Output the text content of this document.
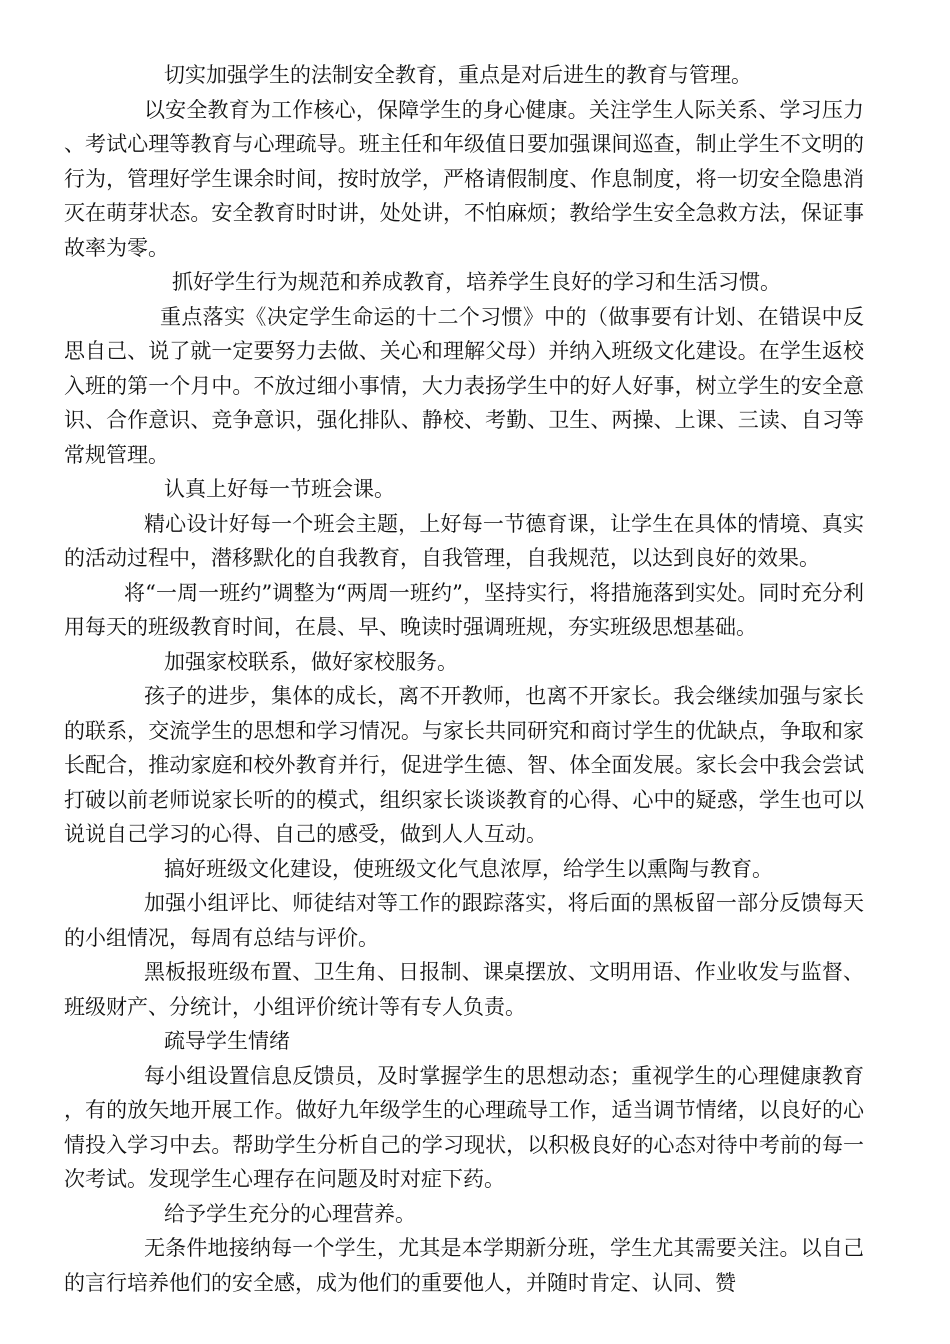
切实加强学生的法制安全教育，重点是对后进生的教育与管理。

以安全教育为工作核心，保障学生的身心健康。关注学生人际关系、学习压力、考试心理等教育与心理疏导。班主任和年级值日要加强课间巡查，制止学生不文明的行为，管理好学生课余时间，按时放学，严格请假制度、作息制度，将一切安全隐患消灭在萌芽状态。安全教育时时讲，处处讲，不怕麻烦；教给学生安全急救方法，保证事故率为零。

抓好学生行为规范和养成教育，培养学生良好的学习和生活习惯。

重点落实《决定学生命运的十二个习惯》中的（做事要有计划、在错误中反思自己、说了就一定要努力去做、关心和理解父母）并纳入班级文化建设。在学生返校入班的第一个月中。不放过细小事情，大力表扬学生中的好人好事，树立学生的安全意识、合作意识、竞争意识，强化排队、静校、考勤、卫生、两操、上课、三读、自习等常规管理。

认真上好每一节班会课。

精心设计好每一个班会主题，上好每一节德育课，让学生在具体的情境、真实的活动过程中，潜移默化的自我教育，自我管理，自我规范，以达到良好的效果。

将“一周一班约”调整为“两周一班约”，坚持实行，将措施落到实处。同时充分利用每天的班级教育时间，在晨、早、晚读时强调班规，夯实班级思想基础。

加强家校联系，做好家校服务。

孩子的进步，集体的成长，离不开教师，也离不开家长。我会继续加强与家长的联系，交流学生的思想和学习情况。与家长共同研究和商讨学生的优缺点，争取和家长配合，推动家庭和校外教育并行，促进学生德、智、体全面发展。家长会中我会尝试打破以前老师说家长听的的模式，组织家长谈谈教育的心得、心中的疑惑，学生也可以说说自己学习的心得、自己的感受，做到人人互动。

搞好班级文化建设，使班级文化气息浓厚，给学生以熏陶与教育。

加强小组评比、师徒结对等工作的跟踪落实，将后面的黑板留一部分反馈每天的小组情况，每周有总结与评价。

黑板报班级布置、卫生角、日报制、课桌摆放、文明用语、作业收发与监督、班级财产、分统计，小组评价统计等有专人负责。

疏导学生情绪

每小组设置信息反馈员，及时掌握学生的思想动态；重视学生的心理健康教育，有的放矢地开展工作。做好九年级学生的心理疏导工作，适当调节情绪，以良好的心情投入学习中去。帮助学生分析自己的学习现状，以积极良好的心态对待中考前的每一次考试。发现学生心理存在问题及时对症下药。

给予学生充分的心理营养。

无条件地接纳每一个学生，尤其是本学期新分班，学生尤其需要关注。以自己的言行培养他们的安全感，成为他们的重要他人，并随时肯定、认同、赞
